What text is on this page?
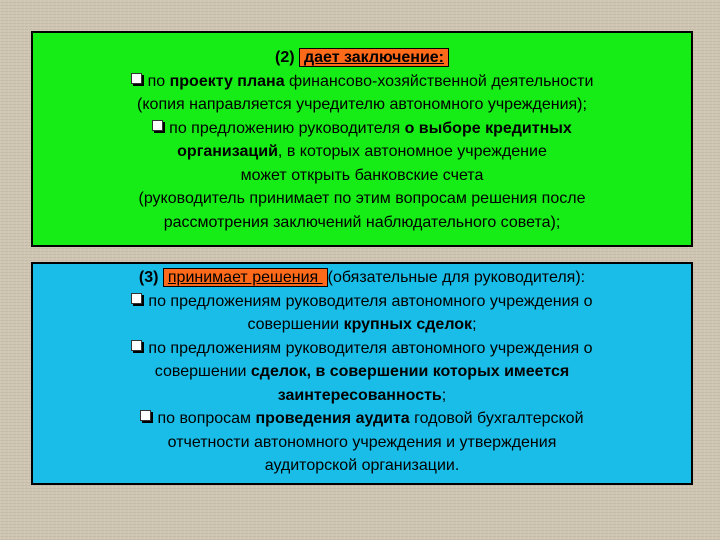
(2) дает заключение:

по проекту плана финансово-хозяйственной деятельности

(копия направляется учредителю автономного учреждения);

по предложению руководителя о выборе кредитных
организаций, в которых автономное учреждение
может открыть банковские счета

(руководитель принимает по этим вопросам решения после
рассмотрения заключений наблюдательного совета);

(3) принимает решения (обязательные для руководителя):

по предложениям руководителя автономного учреждения о
совершении крупных сделок;

по предложениям руководителя автономного учреждения о
совершении сделок, в совершении которых имеется
заинтересованность;

по вопросам проведения аудита годовой бухгалтерской
отчетности автономного учреждения и утверждения
аудиторской организации.
